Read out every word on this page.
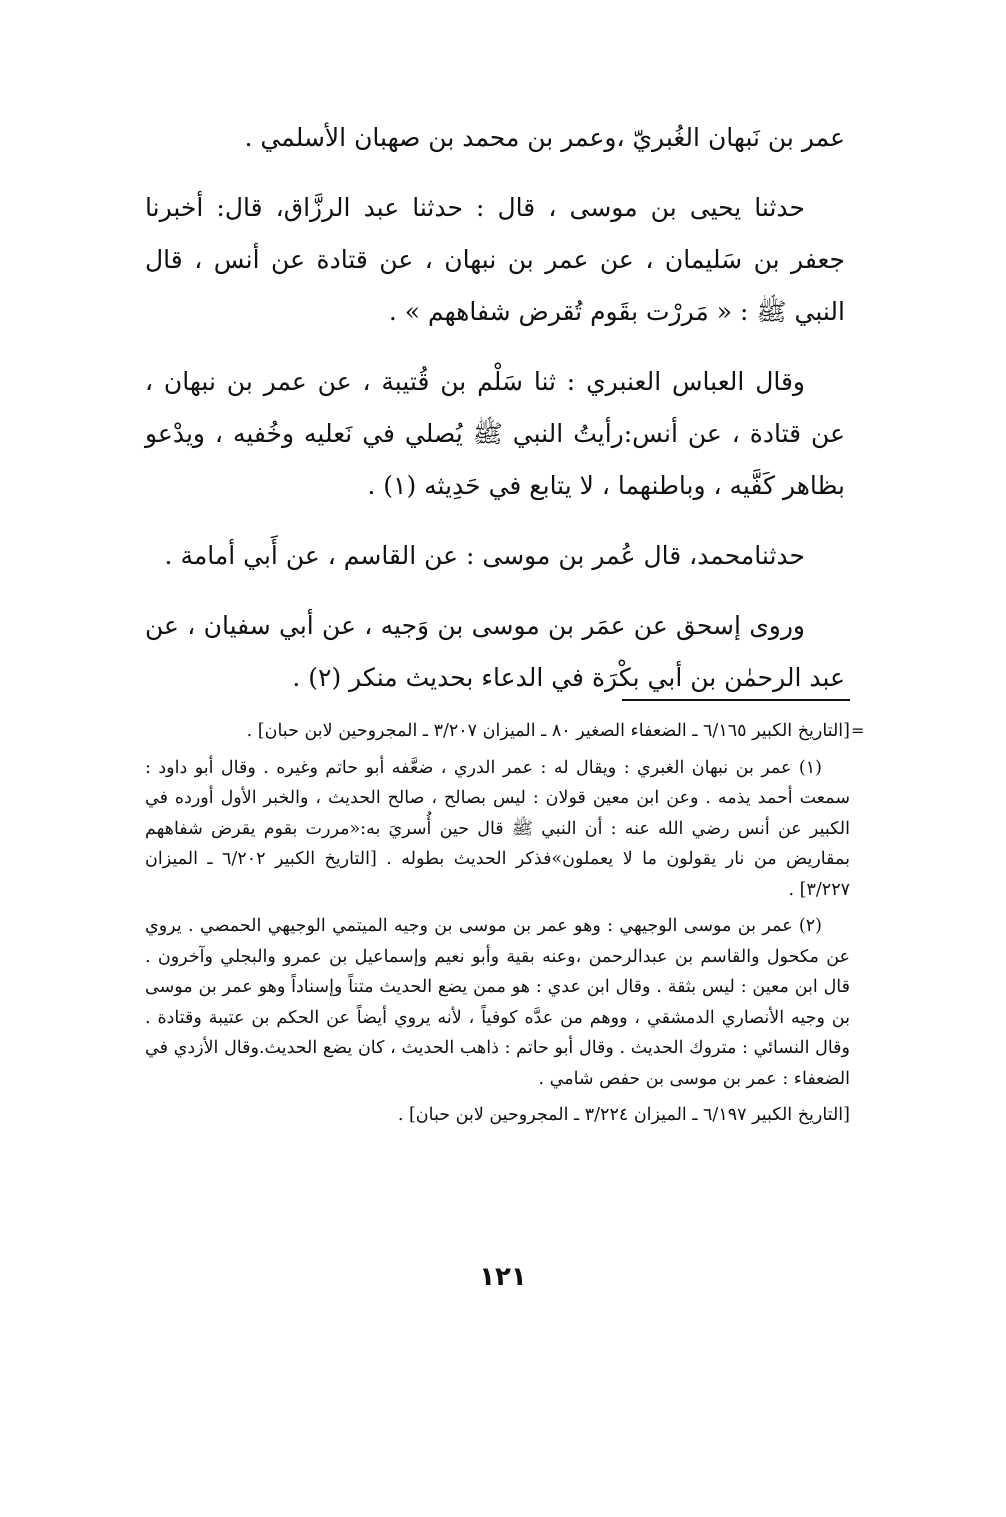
عمر بن نَبهان الغُبريّ ،وعمر بن محمد بن صهبان الأسلمي .

حدثنا يحيى بن موسى ، قال : حدثنا عبد الرزَّاق، قال: أخبرنا جعفر بن سَليمان ، عن عمر بن نبهان ، عن قتادة عن أنس ، قال النبي ﷺ : « مَررْت بقَوم تُقرض شفاههم » .

وقال العباس العنبري : ثنا سَلْم بن قُتيبة ، عن عمر بن نبهان ، عن قتادة ، عن أنس:رأيتُ النبي ﷺ يُصلي في نَعليه وخُفيه ، ويدْعو بظاهر كَفَّيه ، وباطنهما ، لا يتابع في حَدِيثه (١) .

حدثنامحمد، قال عُمر بن موسى : عن القاسم ، عن أَبي أمامة .

وروى إسحق عن عمَر بن موسى بن وَجيه ، عن أبي سفيان ، عن عبد الرحمٰن بن أبي بكْرَة في الدعاء بحديث منكر (٢) .

=

[التاريخ الكبير ٦/١٦٥ ـ الضعفاء الصغير ٨٠ ـ الميزان ٣/٢٠٧ ـ المجروحين لابن حبان] .

(١) عمر بن نبهان الغبري : ويقال له : عمر الدري ، ضعَّفه أبو حاتم وغيره . وقال أبو داود : سمعت أحمد يذمه . وعن ابن معين قولان : ليس بصالح ، صالح الحديث ، والخبر الأول أورده في الكبير عن أنس رضي الله عنه : أن النبي ﷺ قال حين أُسريَ به:«مررت بقوم يقرض شفاههم بمقاريض من نار يقولون ما لا يعملون»فذكر الحديث بطوله . [التاريخ الكبير ٦/٢٠٢ ـ الميزان ٣/٢٢٧] .

(٢) عمر بن موسى الوجيهي : وهو عمر بن موسى بن وجيه الميتمي الوجيهي الحمصي . يروي عن مكحول والقاسم بن عبدالرحمن ،وعنه بقية وأبو نعيم وإسماعيل بن عمرو والبجلي وآخرون . قال ابن معين : ليس بثقة . وقال ابن عدي : هو ممن يضع الحديث متناً وإسناداً وهو عمر بن موسى بن وجيه الأنصاري الدمشقي ، ووهم من عدَّه كوفياً ، لأنه يروي أيضاً عن الحكم بن عتيبة وقتادة . وقال النسائي : متروك الحديث . وقال أبو حاتم : ذاهب الحديث ، كان يضع الحديث.وقال الأزدي في الضعفاء : عمر بن موسى بن حفص شامي .

[التاريخ الكبير ٦/١٩٧ ـ الميزان ٣/٢٢٤ ـ المجروحين لابن حبان] .

١٢١
